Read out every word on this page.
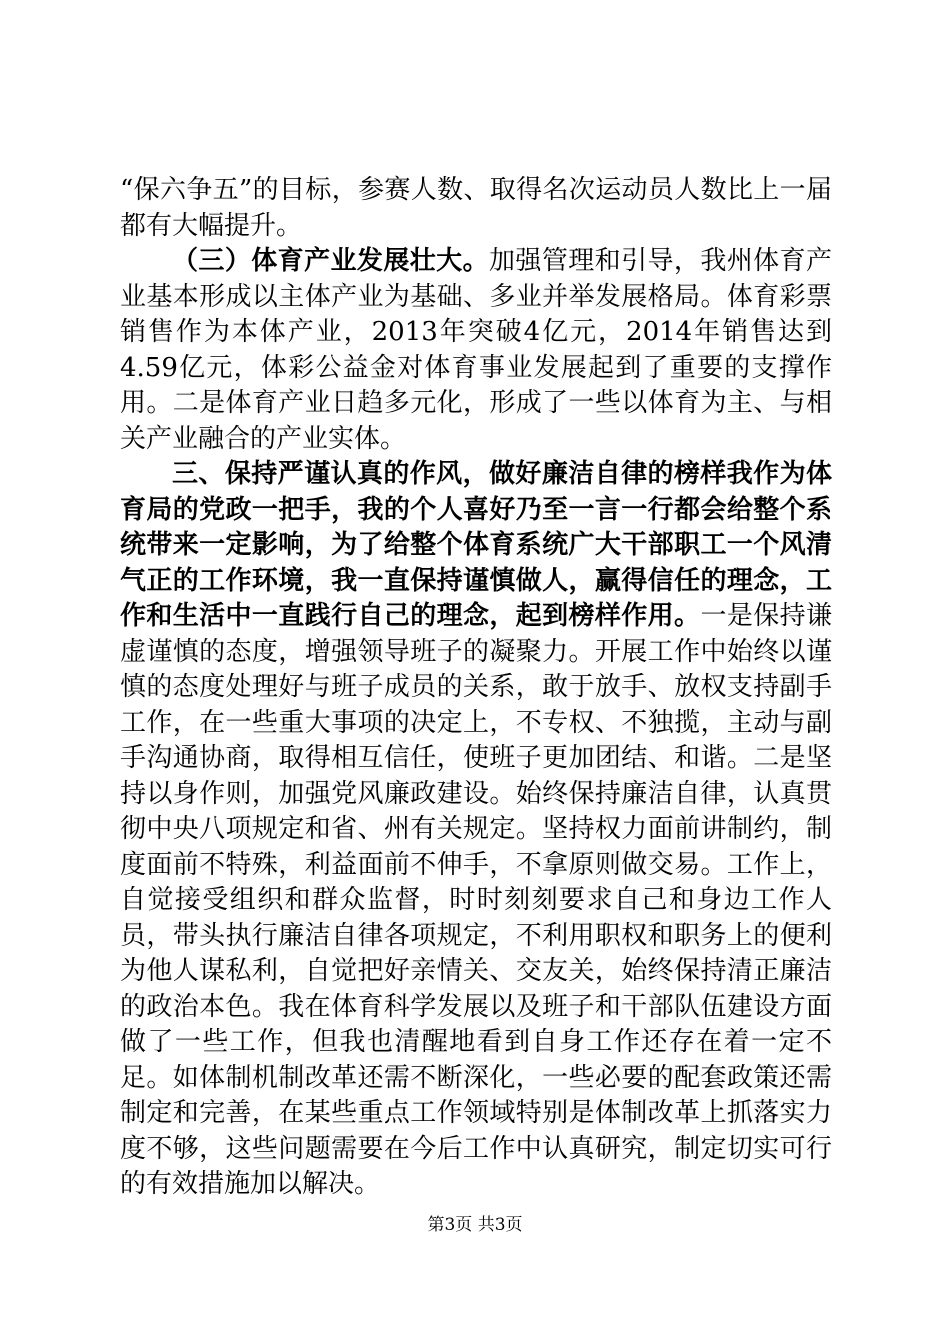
“保六争五”的目标，参赛人数、取得名次运动员人数比上一届都有大幅提升。

（三）体育产业发展壮大。加强管理和引导，我州体育产业基本形成以主体产业为基础、多业并举发展格局。体育彩票销售作为本体产业，2013年突破4亿元，2014年销售达到4.59亿元，体彩公益金对体育事业发展起到了重要的支撑作用。二是体育产业日趋多元化，形成了一些以体育为主、与相关产业融合的产业实体。

三、保持严谨认真的作风，做好廉洁自律的榜样我作为体育局的党政一把手，我的个人喜好乃至一言一行都会给整个系统带来一定影响，为了给整个体育系统广大干部职工一个风清气正的工作环境，我一直保持谨慎做人，赢得信任的理念，工作和生活中一直践行自己的理念，起到榜样作用。一是保持谦虚谨慎的态度，增强领导班子的凝聚力。开展工作中始终以谨慎的态度处理好与班子成员的关系，敢于放手、放权支持副手工作，在一些重大事项的决定上，不专权、不独揽，主动与副手沟通协商，取得相互信任，使班子更加团结、和谐。二是坚持以身作则，加强党风廉政建设。始终保持廉洁自律，认真贯彻中央八项规定和省、州有关规定。坚持权力面前讲制约，制度面前不特殊，利益面前不伸手，不拿原则做交易。工作上，自觉接受组织和群众监督，时时刻刻要求自己和身边工作人员，带头执行廉洁自律各项规定，不利用职权和职务上的便利为他人谋私利，自觉把好亲情关、交友关，始终保持清正廉洁的政治本色。我在体育科学发展以及班子和干部队伍建设方面做了一些工作，但我也清醒地看到自身工作还存在着一定不足。如体制机制改革还需不断深化，一些必要的配套政策还需制定和完善，在某些重点工作领域特别是体制改革上抓落实力度不够，这些问题需要在今后工作中认真研究，制定切实可行的有效措施加以解决。

第3页 共3页
